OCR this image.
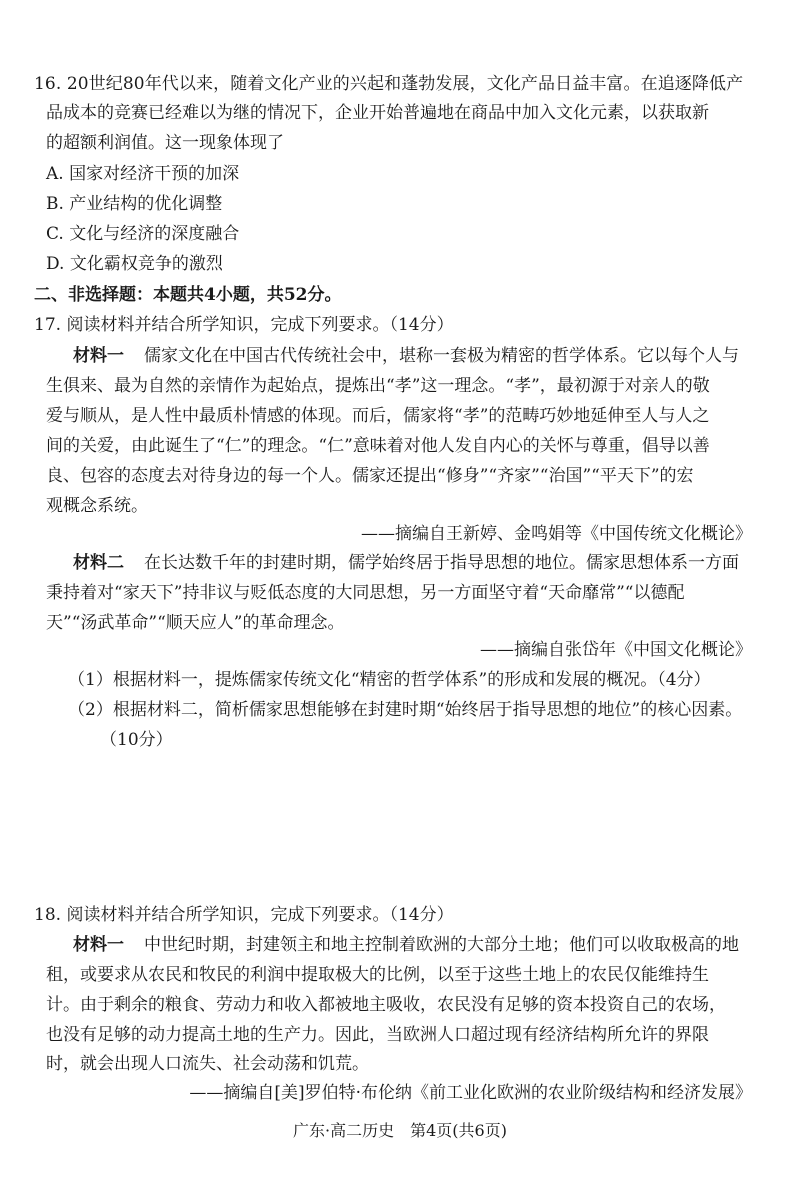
16. 20世纪80年代以来，随着文化产业的兴起和蓬勃发展，文化产品日益丰富。在追逐降低产
品成本的竞赛已经难以为继的情况下，企业开始普遍地在商品中加入文化元素，以获取新
的超额利润值。这一现象体现了
A. 国家对经济干预的加深
B. 产业结构的优化调整
C. 文化与经济的深度融合
D. 文化霸权竞争的激烈
二、非选择题：本题共4小题，共52分。
17. 阅读材料并结合所学知识，完成下列要求。（14分）
材料一 儒家文化在中国古代传统社会中，堪称一套极为精密的哲学体系。它以每个人与
生俱来、最为自然的亲情作为起始点，提炼出“孝”这一理念。“孝”，最初源于对亲人的敬
爱与顺从，是人性中最质朴情感的体现。而后，儒家将“孝”的范畴巧妙地延伸至人与人之
间的关爱，由此诞生了“仁”的理念。“仁”意味着对他人发自内心的关怀与尊重，倡导以善
良、包容的态度去对待身边的每一个人。儒家还提出“修身”“齐家”“治国”“平天下”的宏
观概念系统。
——摘编自王新婷、金鸣娟等《中国传统文化概论》
材料二 在长达数千年的封建时期，儒学始终居于指导思想的地位。儒家思想体系一方面
秉持着对“家天下”持非议与贬低态度的大同思想，另一方面坚守着“天命靡常”“以德配
天”“汤武革命”“顺天应人”的革命理念。
——摘编自张岱年《中国文化概论》
（1）根据材料一，提炼儒家传统文化“精密的哲学体系”的形成和发展的概况。（4分）
（2）根据材料二，简析儒家思想能够在封建时期“始终居于指导思想的地位”的核心因素。
（10分）
18. 阅读材料并结合所学知识，完成下列要求。（14分）
材料一 中世纪时期，封建领主和地主控制着欧洲的大部分土地；他们可以收取极高的地
租，或要求从农民和牧民的利润中提取极大的比例，以至于这些土地上的农民仅能维持生
计。由于剩余的粮食、劳动力和收入都被地主吸收，农民没有足够的资本投资自己的农场，
也没有足够的动力提高土地的生产力。因此，当欧洲人口超过现有经济结构所允许的界限
时，就会出现人口流失、社会动荡和饥荒。
——摘编自[美]罗伯特·布伦纳《前工业化欧洲的农业阶级结构和经济发展》
广东·高二历史　第4页(共6页)
